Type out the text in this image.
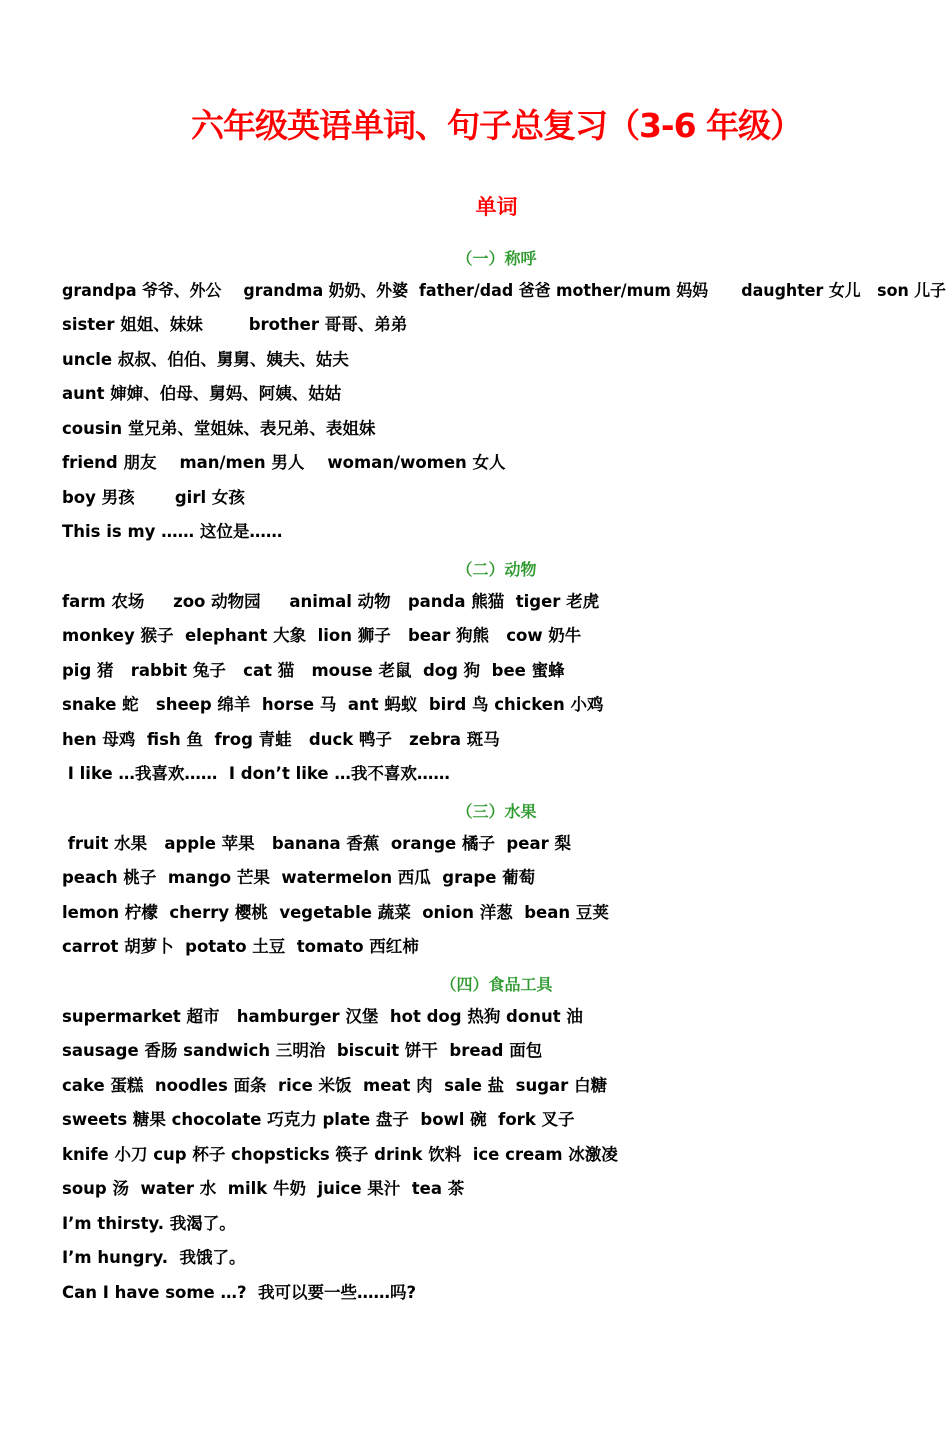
六年级英语单词、句子总复习（3-6 年级）
单词
（一）称呼
grandpa 爷爷、外公    grandma 奶奶、外婆  father/dad 爸爸 mother/mum 妈妈      daughter 女儿   son 儿子
sister 姐姐、妹妹        brother 哥哥、弟弟
uncle 叔叔、伯伯、舅舅、姨夫、姑夫
aunt 婶婶、伯母、舅妈、阿姨、姑姑
cousin 堂兄弟、堂姐妹、表兄弟、表姐妹
friend 朋友    man/men 男人    woman/women 女人
boy 男孩       girl 女孩
This is my …… 这位是……
（二）动物
farm 农场     zoo 动物园     animal 动物   panda 熊猫  tiger 老虎
monkey 猴子  elephant 大象  lion 狮子   bear 狗熊   cow 奶牛
pig 猪   rabbit 兔子   cat 猫   mouse 老鼠  dog 狗  bee 蜜蜂
snake 蛇   sheep 绵羊  horse 马  ant 蚂蚁  bird 鸟 chicken 小鸡
hen 母鸡  fish 鱼  frog 青蛙   duck 鸭子   zebra 斑马
I like …我喜欢……  I don’t like …我不喜欢……
（三）水果
fruit 水果   apple 苹果   banana 香蕉  orange 橘子  pear 梨
peach 桃子  mango 芒果  watermelon 西瓜  grape 葡萄
lemon 柠檬  cherry 樱桃  vegetable 蔬菜  onion 洋葱  bean 豆荚
carrot 胡萝卜  potato 土豆  tomato 西红柿
（四）食品工具
supermarket 超市   hamburger 汉堡  hot dog 热狗 donut 油
sausage 香肠 sandwich 三明治  biscuit 饼干  bread 面包
cake 蛋糕  noodles 面条  rice 米饭  meat 肉  sale 盐  sugar 白糖
sweets 糖果 chocolate 巧克力 plate 盘子  bowl 碗  fork 叉子
knife 小刀 cup 杯子 chopsticks 筷子 drink 饮料  ice cream 冰激凌
soup 汤  water 水  milk 牛奶  juice 果汁  tea 茶
I’m thirsty. 我渴了。
I’m hungry.  我饿了。
Can I have some …?  我可以要一些……吗?
